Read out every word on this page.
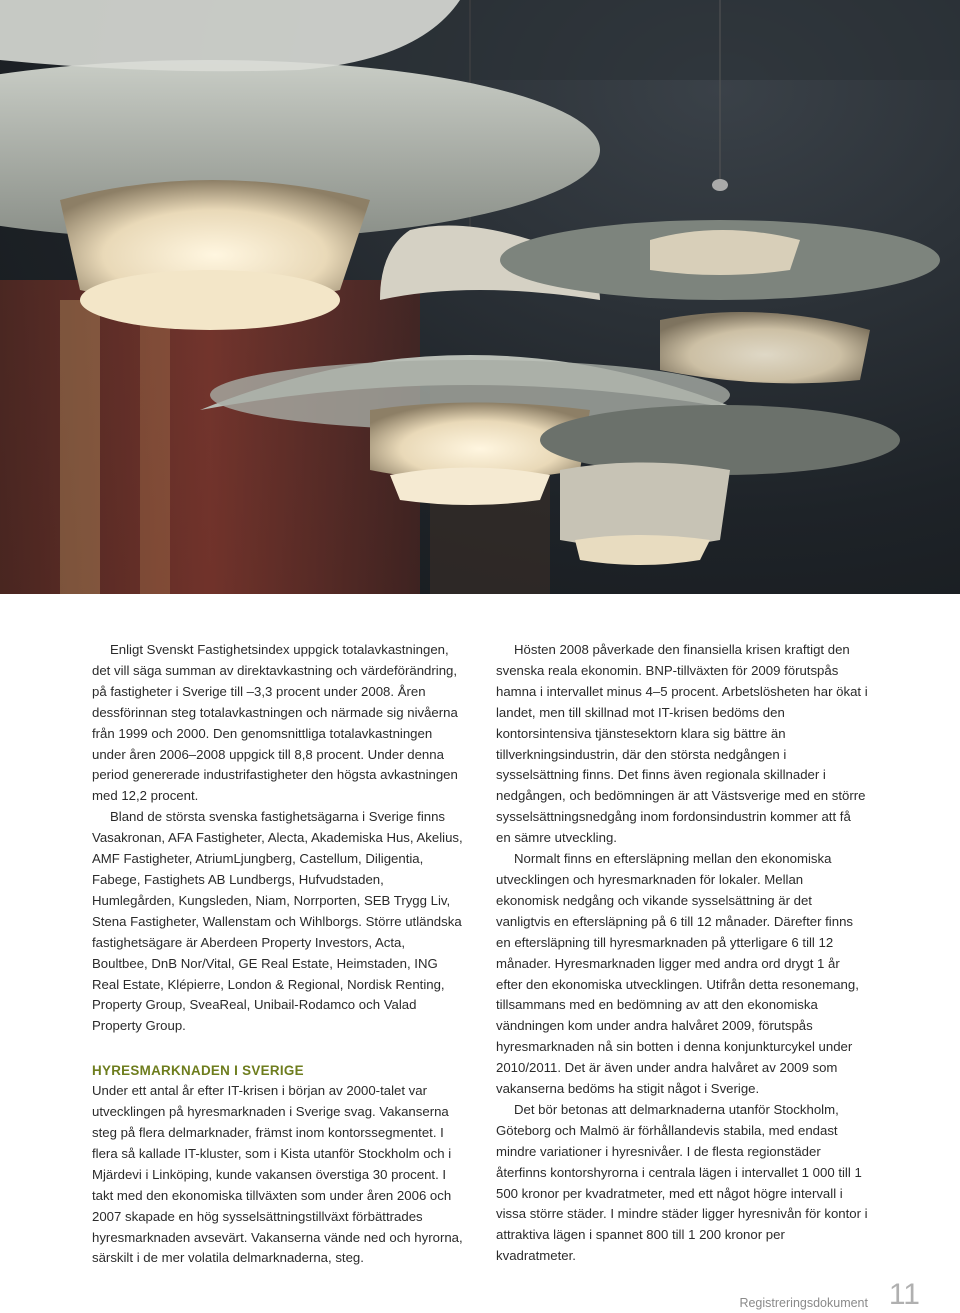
Enligt Svenskt Fastighetsindex uppgick totalavkastningen, det vill säga summan av direktavkastning och värdeförändring, på fastigheter i Sverige till –3,3 procent under 2008. Åren dessförinnan steg totalavkastningen och närmade sig nivåerna från 1999 och 2000. Den genomsnittliga totalavkastningen under åren 2006–2008 uppgick till 8,8 procent. Under denna period genererade industrifastigheter den högsta avkastningen med 12,2 procent.

Bland de största svenska fastighetsägarna i Sverige finns Vasakronan, AFA Fastigheter, Alecta, Akademiska Hus, Akelius, AMF Fastigheter, AtriumLjungberg, Castellum, Diligentia, Fabege, Fastighets AB Lundbergs, Hufvudstaden, Humlegården, Kungsleden, Niam, Norrporten, SEB Trygg Liv, Stena Fastigheter, Wallenstam och Wihlborgs. Större utländska fastighetsägare är Aberdeen Property Investors, Acta, Boultbee, DnB Nor/Vital, GE Real Estate, Heimstaden, ING Real Estate, Klépierre, London & Regional, Nordisk Renting, Property Group, SveaReal, Unibail-Rodamco och Valad Property Group.

HYRESMARKNADEN I SVERIGE

Under ett antal år efter IT-krisen i början av 2000-talet var utvecklingen på hyresmarknaden i Sverige svag. Vakanserna steg på flera delmarknader, främst inom kontorssegmentet. I flera så kallade IT-kluster, som i Kista utanför Stockholm och i Mjärdevi i Linköping, kunde vakansen överstiga 30 procent. I takt med den ekonomiska tillväxten som under åren 2006 och 2007 skapade en hög sysselsättningstillväxt förbättrades hyresmarknaden avsevärt. Vakanserna vände ned och hyrorna, särskilt i de mer volatila delmarknaderna, steg.

Hösten 2008 påverkade den finansiella krisen kraftigt den svenska reala ekonomin. BNP-tillväxten för 2009 förutspås hamna i intervallet minus 4–5 procent. Arbetslösheten har ökat i landet, men till skillnad mot IT-krisen bedöms den kontorsintensiva tjänstesektorn klara sig bättre än tillverkningsindustrin, där den största nedgången i sysselsättning finns. Det finns även regionala skillnader i nedgången, och bedömningen är att Västsverige med en större sysselsättningsnedgång inom fordonsindustrin kommer att få en sämre utveckling.

Normalt finns en eftersläpning mellan den ekonomiska utvecklingen och hyresmarknaden för lokaler. Mellan ekonomisk nedgång och vikande sysselsättning är det vanligtvis en eftersläpning på 6 till 12 månader. Därefter finns en eftersläpning till hyresmarknaden på ytterligare 6 till 12 månader. Hyresmarknaden ligger med andra ord drygt 1 år efter den ekonomiska utvecklingen. Utifrån detta resonemang, tillsammans med en bedömning av att den ekonomiska vändningen kom under andra halvåret 2009, förutspås hyresmarknaden nå sin botten i denna konjunkturcykel under 2010/2011. Det är även under andra halvåret av 2009 som vakanserna bedöms ha stigit något i Sverige.

Det bör betonas att delmarknaderna utanför Stockholm, Göteborg och Malmö är förhållandevis stabila, med endast mindre variationer i hyresnivåer. I de flesta regionstäder återfinns kontorshyrorna i centrala lägen i intervallet 1 000 till 1 500 kronor per kvadratmeter, med ett något högre intervall i vissa större städer. I mindre städer ligger hyresnivån för kontor i attraktiva lägen i spannet 800 till 1 200 kronor per kvadratmeter.

Registreringsdokument 11
